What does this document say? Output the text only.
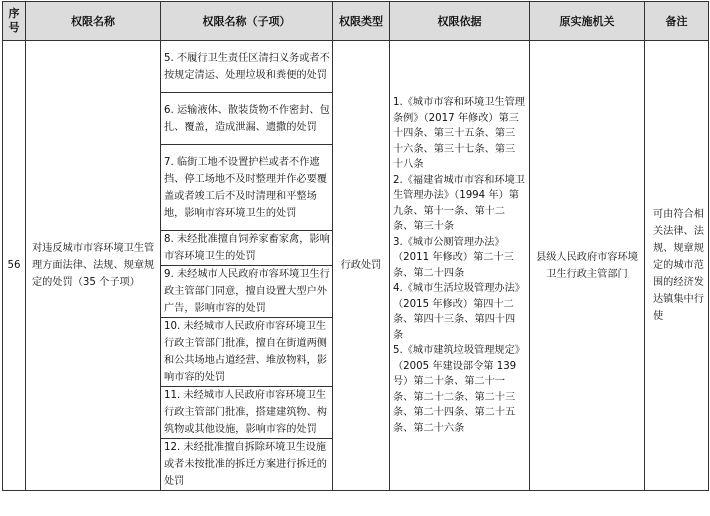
序号	权限名称	权限名称（子项）	权限类型	权限依据	原实施机关	备注
56	对违反城市市容环境卫生管理方面法律、法规、规章规定的处罚（35 个子项）	5. 不履行卫生责任区清扫义务或者不按规定清运、处理垃圾和粪便的处罚	行政处罚	1.《城市市容和环境卫生管理条例》（2017 年修改）第三十四条、第三十五条、第三十六条、第三十七条、第三十八条
2.《福建省城市市容和环境卫生管理办法》（1994 年）第九条、第十一条、第十二条、第三十条
3.《城市公厕管理办法》（2011 年修改）第二十三条、第二十四条
4.《城市生活垃圾管理办法》（2015 年修改）第四十二条、第四十三条、第四十四条
5.《城市建筑垃圾管理规定》（2005 年建设部令第 139 号）第二十条、第二十一条、第二十二条、第二十三条、第二十四条、第二十五条、第二十六条	县级人民政府市容环境卫生行政主管部门	可由符合相关法律、法规、规章规定的城市范围的经济发达镇集中行使
		6. 运输液体、散装货物不作密封、包扎、覆盖，造成泄漏、遗撒的处罚				
		7. 临街工地不设置护栏或者不作遮挡、停工场地不及时整理并作必要覆盖或者竣工后不及时清理和平整场地，影响市容环境卫生的处罚				
		8. 未经批准擅自饲养家畜家禽，影响市容环境卫生的处罚				
		9. 未经城市人民政府市容环境卫生行政主管部门同意，擅自设置大型户外广告，影响市容的处罚				
		10. 未经城市人民政府市容环境卫生行政主管部门批准，擅自在街道两侧和公共场地占道经营、堆放物料，影响市容的处罚				
		11. 未经城市人民政府市容环境卫生行政主管部门批准，搭建建筑物、构筑物或其他设施，影响市容的处罚				
		12. 未经批准擅自拆除环境卫生设施或者未按批准的拆迁方案进行拆迁的处罚				
